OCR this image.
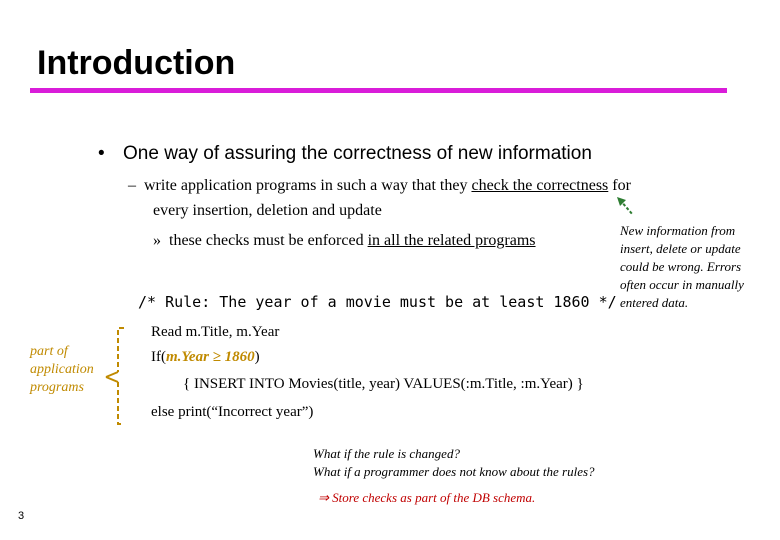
Introduction
• One way of assuring the correctness of new information
– write application programs in such a way that they check the correctness for
every insertion, deletion and update
» these checks must be enforced in all the related programs
New information from insert, delete or update could be wrong. Errors often occur in manually entered data.
/* Rule: The year of a movie must be at least 1860 */
Read m.Title, m.Year
If(m.Year ≥ 1860)
{ INSERT INTO Movies(title, year) VALUES(:m.Title, :m.Year) }
else print(“Incorrect year”)
part of application programs
What if the rule is changed?
What if a programmer does not know about the rules?
⇒ Store checks as part of the DB schema.
3
